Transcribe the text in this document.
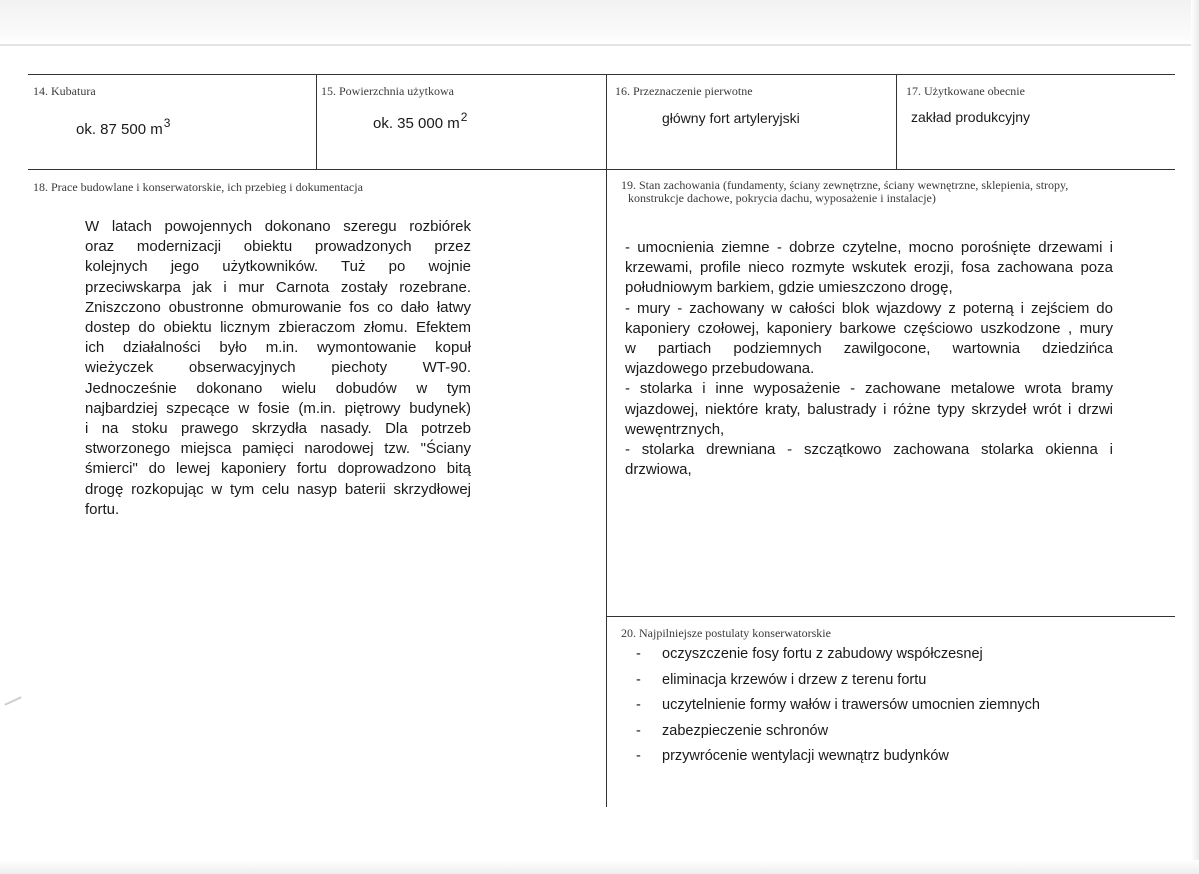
14. Kubatura
ok. 87 500 $m^3$
15. Powierzchnia użytkowa
ok. 35 000 $m^2$
16. Przeznaczenie pierwotne
główny fort artyleryjski
17. Użytkowane obecnie
zakład produkcyjny
18. Prace budowlane i konserwatorskie, ich przebieg i dokumentacja
W latach powojennych dokonano szeregu rozbiórek
oraz modernizacji obiektu prowadzonych przez
kolejnych jego użytkowników. Tuż po wojnie
przeciwskarpa jak i mur Carnota zostały rozebrane.
Zniszczono obustronne obmurowanie fos co dało łatwy
dostep do obiektu licznym zbieraczom złomu. Efektem
ich działalności było m.in. wymontowanie kopuł
wieżyczek obserwacyjnych piechoty WT-90.
Jednocześnie dokonano wielu dobudów w tym
najbardziej szpecące w fosie (m.in. piętrowy budynek)
i na stoku prawego skrzydła nasady. Dla potrzeb
stworzonego miejsca pamięci narodowej tzw. "Ściany
śmierci" do lewej kaponiery fortu doprowadzono bitą
drogę rozkopując w tym celu nasyp baterii skrzydłowej
fortu.
19. Stan zachowania (fundamenty, ściany zewnętrzne, ściany wewnętrzne, sklepienia, stropy,
konstrukcje dachowe, pokrycia dachu, wyposażenie i instalacje)
- umocnienia ziemne - dobrze czytelne, mocno porośnięte drzewami i
krzewami, profile nieco rozmyte wskutek erozji, fosa zachowana poza
południowym barkiem, gdzie umieszczono drogę,
- mury - zachowany w całości blok wjazdowy z poterną i zejściem do
kaponiery czołowej, kaponiery barkowe częściowo uszkodzone , mury
w partiach podziemnych zawilgocone, wartownia dziedzińca
wjazdowego przebudowana.
- stolarka i inne wyposażenie - zachowane metalowe wrota bramy
wjazdowej, niektóre kraty, balustrady i różne typy skrzydeł wrót i drzwi
wewęntrznych,
- stolarka drewniana - szczątkowo zachowana stolarka okienna i
drzwiowa,
20. Najpilniejsze postulaty konserwatorskie
- oczyszczenie fosy fortu z zabudowy współczesnej
- eliminacja krzewów i drzew z terenu fortu
- uczytelnienie formy wałów i trawersów umocnien ziemnych
- zabezpieczenie schronów
- przywrócenie wentylacji wewnątrz budynków
